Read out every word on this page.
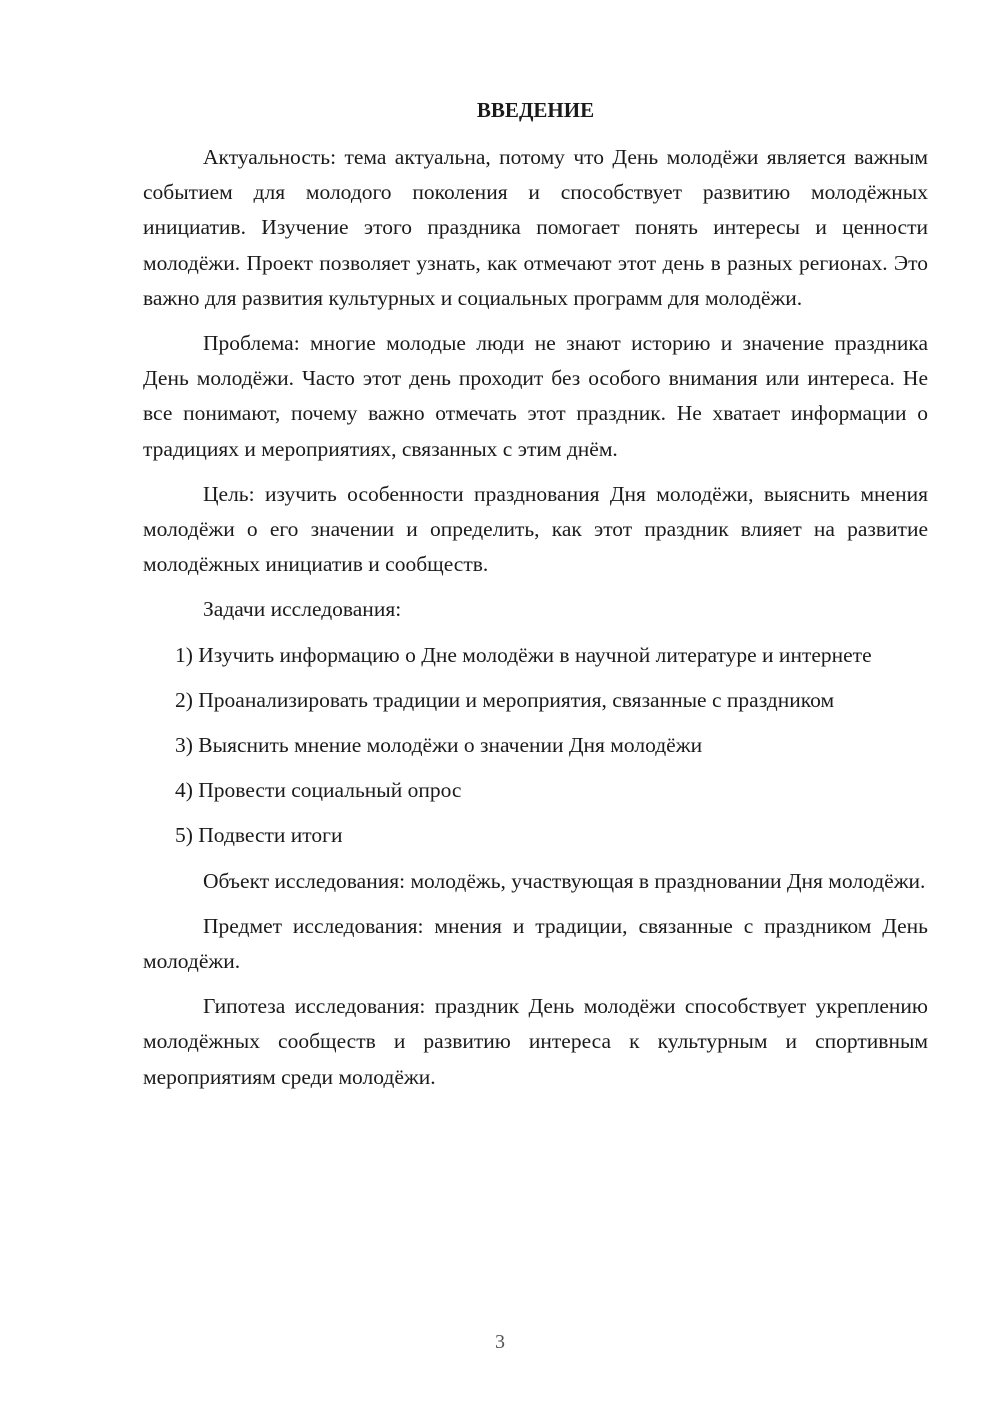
ВВЕДЕНИЕ

Актуальность: тема актуальна, потому что День молодёжи является важным событием для молодого поколения и способствует развитию молодёжных инициатив. Изучение этого праздника помогает понять интересы и ценности молодёжи. Проект позволяет узнать, как отмечают этот день в разных регионах. Это важно для развития культурных и социальных программ для молодёжи.

Проблема: многие молодые люди не знают историю и значение праздника День молодёжи. Часто этот день проходит без особого внимания или интереса. Не все понимают, почему важно отмечать этот праздник. Не хватает информации о традициях и мероприятиях, связанных с этим днём.

Цель: изучить особенности празднования Дня молодёжи, выяснить мнения молодёжи о его значении и определить, как этот праздник влияет на развитие молодёжных инициатив и сообществ.

Задачи исследования:

1) Изучить информацию о Дне молодёжи в научной литературе и интернете

2) Проанализировать традиции и мероприятия, связанные с праздником

3) Выяснить мнение молодёжи о значении Дня молодёжи

4) Провести социальный опрос

5) Подвести итоги

Объект исследования: молодёжь, участвующая в праздновании Дня молодёжи.

Предмет исследования: мнения и традиции, связанные с праздником День молодёжи.

Гипотеза исследования: праздник День молодёжи способствует укреплению молодёжных сообществ и развитию интереса к культурным и спортивным мероприятиям среди молодёжи.

3
